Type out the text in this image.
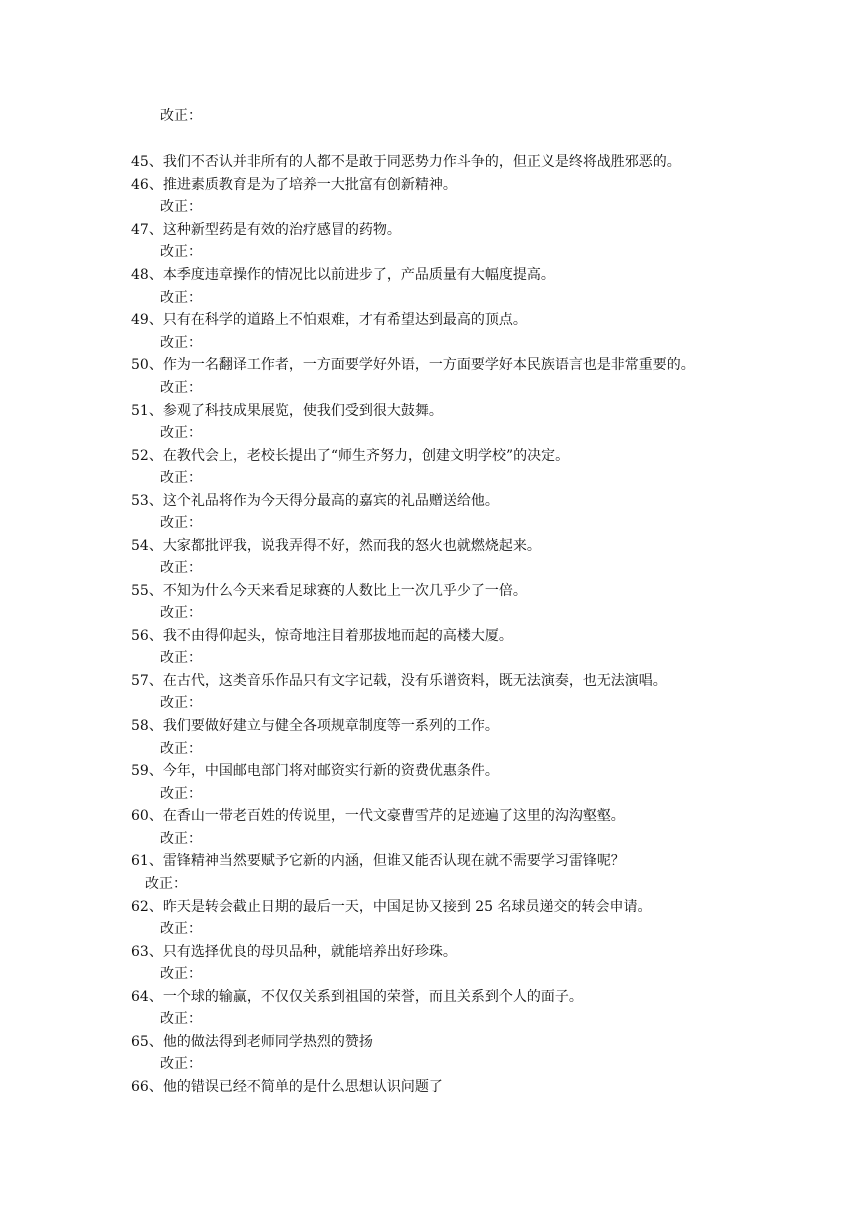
改正：
45、我们不否认并非所有的人都不是敢于同恶势力作斗争的，但正义是终将战胜邪恶的。
46、推进素质教育是为了培养一大批富有创新精神。
改正：
47、这种新型药是有效的治疗感冒的药物。
改正：
48、本季度违章操作的情况比以前进步了，产品质量有大幅度提高。
改正：
49、只有在科学的道路上不怕艰难，才有希望达到最高的顶点。
改正：
50、作为一名翻译工作者，一方面要学好外语，一方面要学好本民族语言也是非常重要的。
改正：
51、参观了科技成果展览，使我们受到很大鼓舞。
改正：
52、在教代会上，老校长提出了“师生齐努力，创建文明学校”的决定。
改正：
53、这个礼品将作为今天得分最高的嘉宾的礼品赠送给他。
改正：
54、大家都批评我，说我弄得不好，然而我的怒火也就燃烧起来。
改正：
55、不知为什么今天来看足球赛的人数比上一次几乎少了一倍。
改正：
56、我不由得仰起头，惊奇地注目着那拔地而起的高楼大厦。
改正：
57、在古代，这类音乐作品只有文字记载，没有乐谱资料，既无法演奏，也无法演唱。
改正：
58、我们要做好建立与健全各项规章制度等一系列的工作。
改正：
59、今年，中国邮电部门将对邮资实行新的资费优惠条件。
改正：
60、在香山一带老百姓的传说里，一代文豪曹雪芹的足迹遍了这里的沟沟壑壑。
改正：
61、雷锋精神当然要赋予它新的内涵，但谁又能否认现在就不需要学习雷锋呢？
改正：
62、昨天是转会截止日期的最后一天，中国足协又接到 25 名球员递交的转会申请。
改正：
63、只有选择优良的母贝品种，就能培养出好珍珠。
改正：
64、一个球的输赢，不仅仅关系到祖国的荣誉，而且关系到个人的面子。
改正：
65、他的做法得到老师同学热烈的赞扬
改正：
66、他的错误已经不简单的是什么思想认识问题了
